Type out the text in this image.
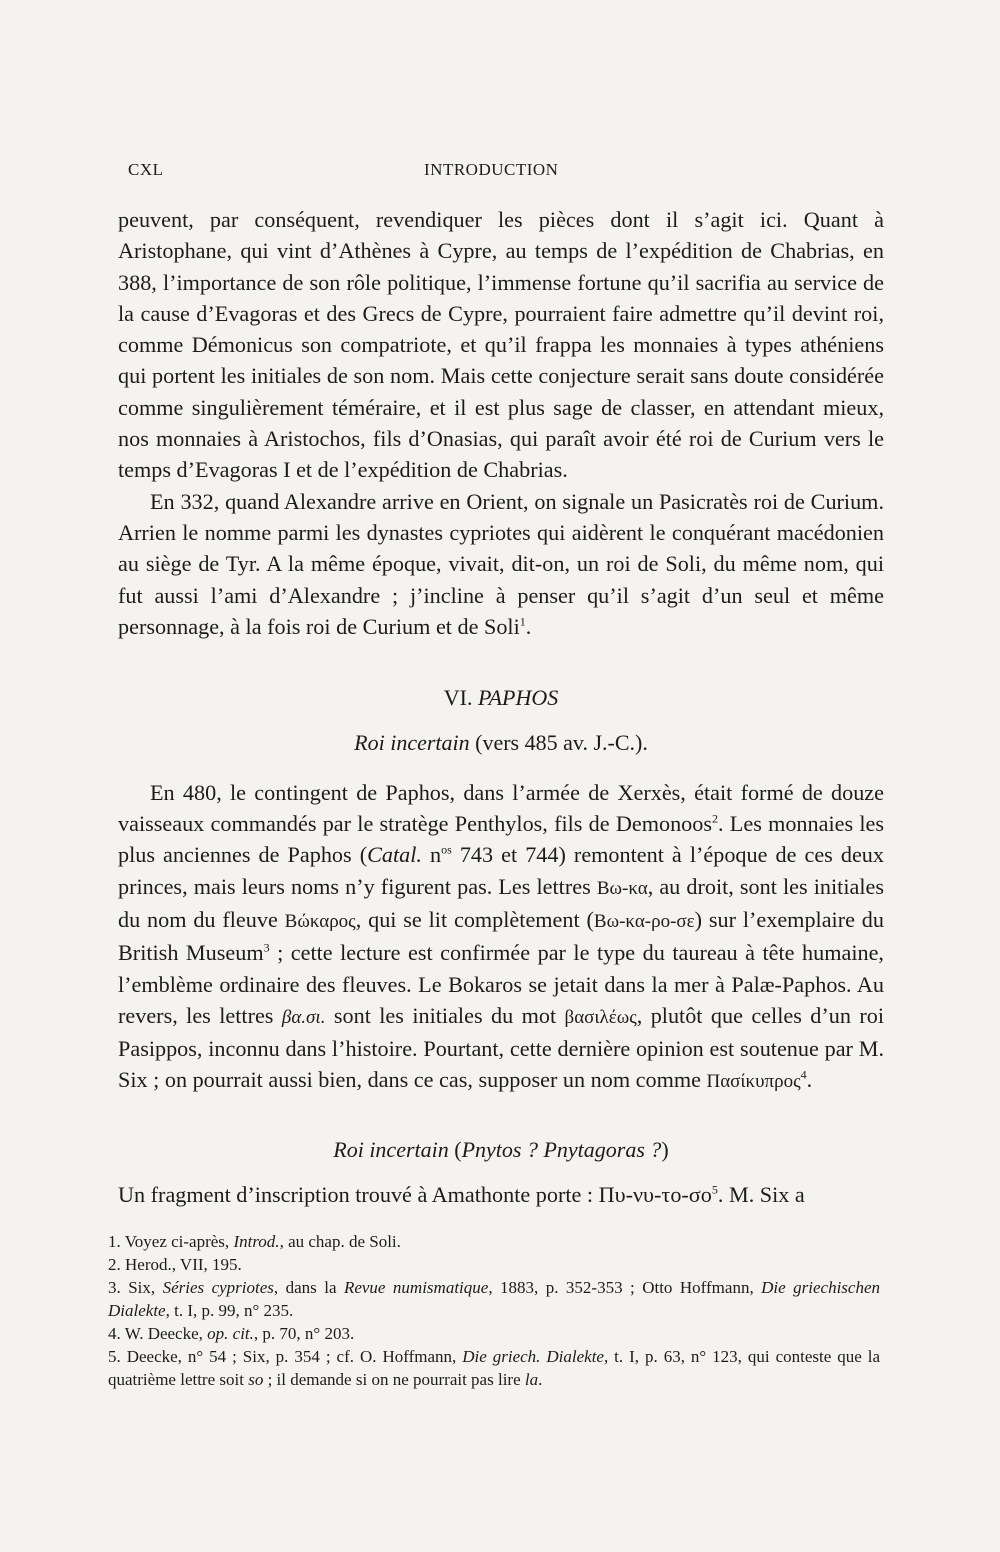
CXL	INTRODUCTION

peuvent, par conséquent, revendiquer les pièces dont il s’agit ici. Quant à Aristophane, qui vint d’Athènes à Cypre, au temps de l’expédition de Chabrias, en 388, l’importance de son rôle politique, l’immense fortune qu’il sacrifia au service de la cause d’Evagoras et des Grecs de Cypre, pourraient faire admettre qu’il devint roi, comme Démonicus son compatriote, et qu’il frappa les monnaies à types athéniens qui portent les initiales de son nom. Mais cette conjecture serait sans doute considérée comme singulièrement téméraire, et il est plus sage de classer, en attendant mieux, nos monnaies à Aristochos, fils d’Onasias, qui paraît avoir été roi de Curium vers le temps d’Evagoras I et de l’expédition de Chabrias.

En 332, quand Alexandre arrive en Orient, on signale un Pasicratès roi de Curium. Arrien le nomme parmi les dynastes cypriotes qui aidèrent le conquérant macédonien au siège de Tyr. A la même époque, vivait, dit-on, un roi de Soli, du même nom, qui fut aussi l’ami d’Alexandre ; j’incline à penser qu’il s’agit d’un seul et même personnage, à la fois roi de Curium et de Soli$^1$.

VI. PAPHOS

Roi incertain (vers 485 av. J.-C.).

En 480, le contingent de Paphos, dans l’armée de Xerxès, était formé de douze vaisseaux commandés par le stratège Penthylos, fils de Demonoos$^2$. Les monnaies les plus anciennes de Paphos (Catal. $n^{os}$ 743 et 744) remontent à l’époque de ces deux princes, mais leurs noms n’y figurent pas. Les lettres Βω-κα, au droit, sont les initiales du nom du fleuve Βώκαρος, qui se lit complètement (Βω-κα-ρο-σε) sur l’exemplaire du British Museum$^3$ ; cette lecture est confirmée par le type du taureau à tête humaine, l’emblème ordinaire des fleuves. Le Bokaros se jetait dans la mer à Palæ-Paphos. Au revers, les lettres βα.σι. sont les initiales du mot βασιλέως, plutôt que celles d’un roi Pasippos, inconnu dans l’histoire. Pourtant, cette dernière opinion est soutenue par M. Six ; on pourrait aussi bien, dans ce cas, supposer un nom comme Πασίκυπρος$^4$.

Roi incertain (Pnytos ? Pnytagoras ?)

Un fragment d’inscription trouvé à Amathonte porte : $\Pi\upsilon-\nu\upsilon-\tau o-\sigma o^5$. M. Six a

1. Voyez ci-après, Introd., au chap. de Soli.

2. Herod., VII, 195.

3. Six, Séries cypriotes, dans la Revue numismatique, 1883, p. 352-353 ; Otto Hoffmann, Die griechischen Dialekte, t. I, p. 99, n° 235.

4. W. Deecke, op. cit., p. 70, n° 203.

5. Deecke, n° 54 ; Six, p. 354 ; cf. O. Hoffmann, Die griech. Dialekte, t. I, p. 63, n° 123, qui conteste que la quatrième lettre soit so ; il demande si on ne pourrait pas lire la.
